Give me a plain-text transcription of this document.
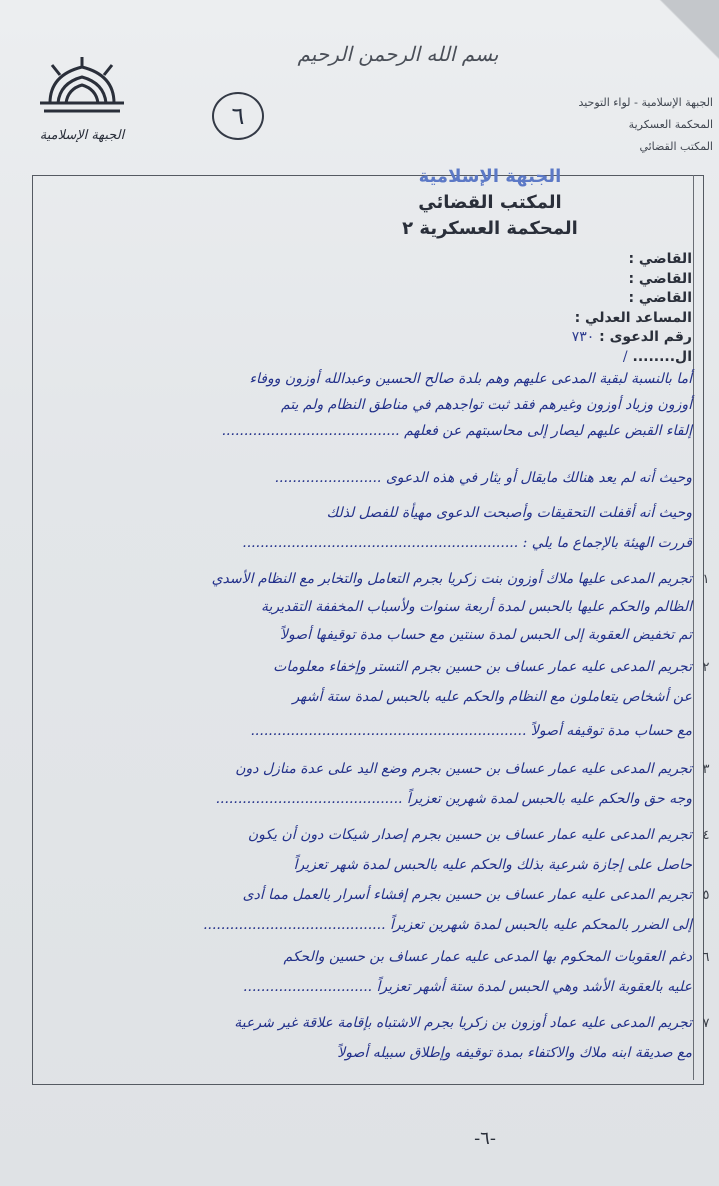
الجبهة الإسلامية
بسم الله الرحمن الرحيم
٦	الجبهة الإسلامية - لواء التوحيد
المحكمة العسكرية
المكتب القضائي
الجبهة الإسلامية
المكتب القضائي
المحكمة العسكرية ٢
القاضي :
القاضي :
القاضي :
المساعد العدلي :
رقم الدعوى : ٧٣٠
ال........ /
أما بالنسبة لبقية المدعى عليهم وهم بلدة صالح الحسين وعبدالله أوزون ووفاء
أوزون وزياد أوزون وغيرهم فقد ثبت تواجدهم في مناطق النظام ولم يتم
إلقاء القبض عليهم ليصار إلى محاسبتهم عن فعلهم ........................................
وحيث أنه لم يعد هنالك مايقال أو يثار في هذه الدعوى ........................
وحيث أنه أقفلت التحقيقات وأصبحت الدعوى مهيأة للفصل لذلك
قررت الهيئة بالإجماع ما يلي : ..............................................................
١
تجريم المدعى عليها ملاك أوزون بنت زكريا بجرم التعامل والتخابر مع النظام الأسدي
الظالم والحكم عليها بالحبس لمدة أربعة سنوات ولأسباب المخففة التقديرية
تم تخفيض العقوبة إلى الحبس لمدة سنتين مع حساب مدة توقيفها أصولاً
٢
تجريم المدعى عليه عمار عساف بن حسين بجرم التستر وإخفاء معلومات
عن أشخاص يتعاملون مع النظام والحكم عليه بالحبس لمدة ستة أشهر
مع حساب مدة توقيفه أصولاً ..............................................................
٣
تجريم المدعى عليه عمار عساف بن حسين بجرم وضع اليد على عدة منازل دون
وجه حق والحكم عليه بالحبس لمدة شهرين تعزيراً ..........................................
٤
تجريم المدعى عليه عمار عساف بن حسين بجرم إصدار شيكات دون أن يكون
حاصل على إجازة شرعية بذلك والحكم عليه بالحبس لمدة شهر تعزيراً
٥
تجريم المدعى عليه عمار عساف بن حسين بجرم إفشاء أسرار بالعمل مما أدى
إلى الضرر بالمحكم عليه بالحبس لمدة شهرين تعزيراً .........................................
٦
دغم العقوبات المحكوم بها المدعى عليه عمار عساف بن حسين والحكم
عليه بالعقوبة الأشد وهي الحبس لمدة ستة أشهر تعزيراً .............................
٧
تجريم المدعى عليه عماد أوزون بن زكريا بجرم الاشتباه بإقامة علاقة غير شرعية
مع صديقة ابنه ملاك والاكتفاء بمدة توقيفه وإطلاق سبيله أصولاً
-٦-
